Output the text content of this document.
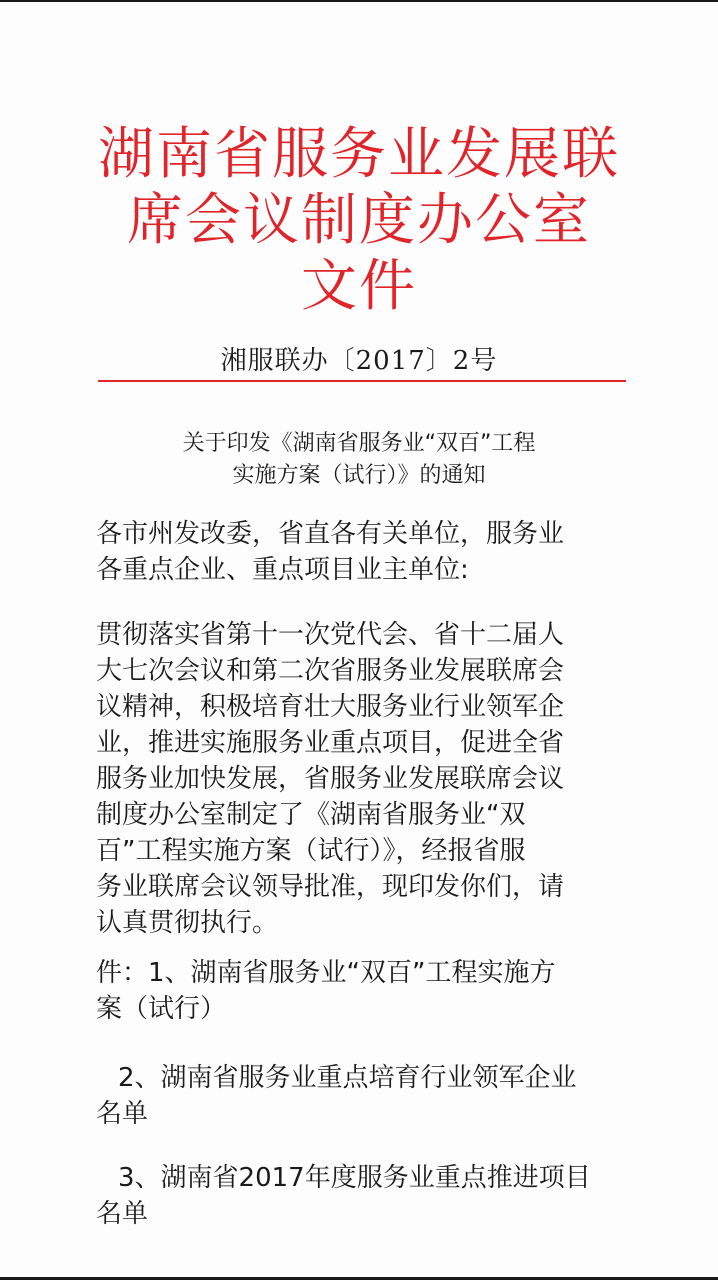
湖南省服务业发展联
席会议制度办公室
文件
湘服联办〔2017〕2号
关于印发《湖南省服务业“双百”工程
实施方案（试行）》的通知
各市州发改委，省直各有关单位，服务业
各重点企业、重点项目业主单位:
贯彻落实省第十一次党代会、省十二届人
大七次会议和第二次省服务业发展联席会
议精神，积极培育壮大服务业行业领军企
业，推进实施服务业重点项目，促进全省
服务业加快发展，省服务业发展联席会议
制度办公室制定了《湖南省服务业“双
百”工程实施方案（试行）》，经报省服
务业联席会议领导批准，现印发你们，请
认真贯彻执行。
件：1、湖南省服务业“双百”工程实施方
案（试行）
2、湖南省服务业重点培育行业领军企业
名单
3、湖南省2017年度服务业重点推进项目
名单
